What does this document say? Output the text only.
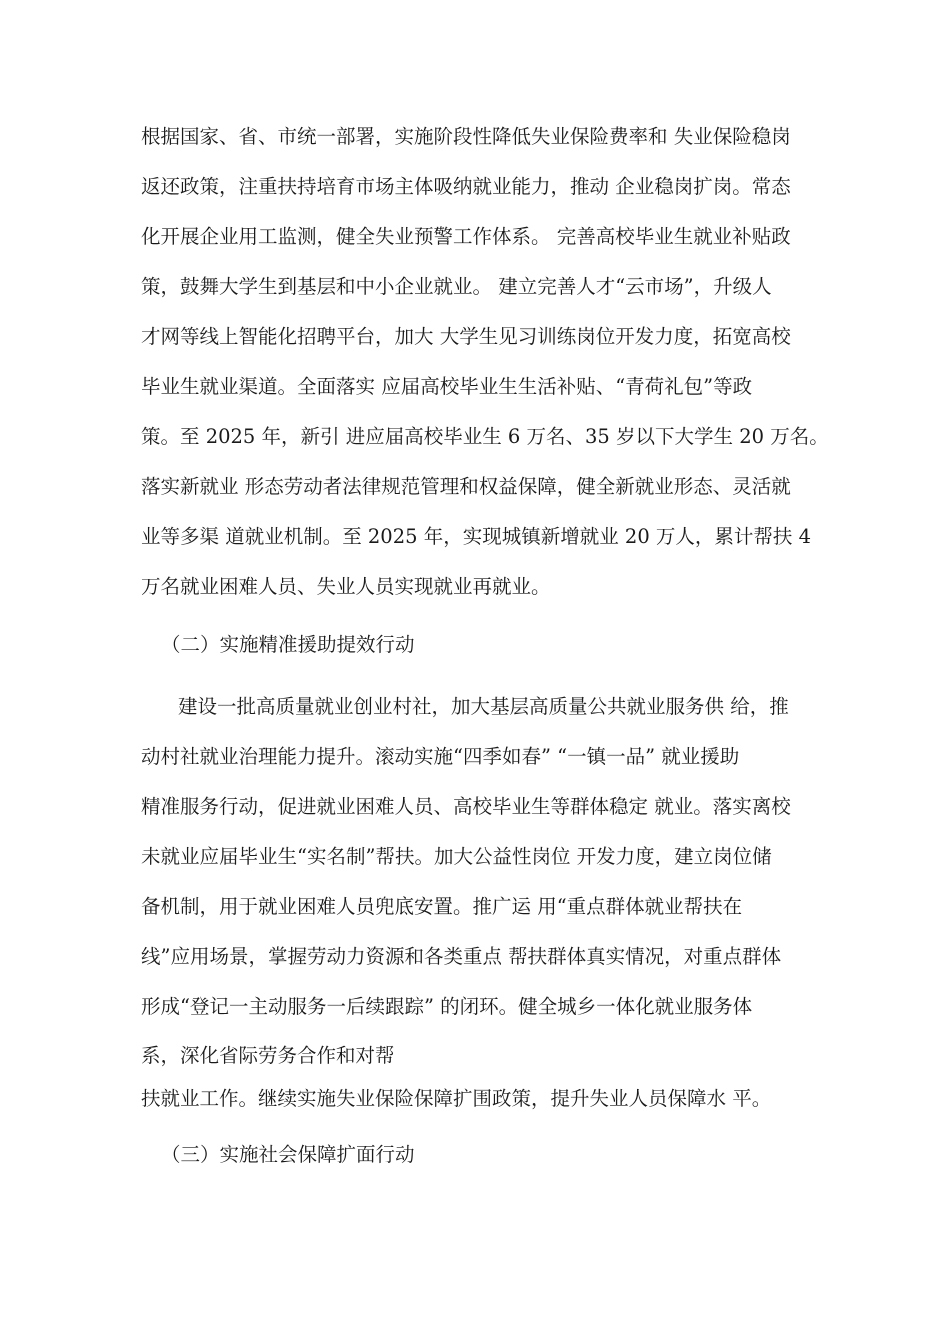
根据国家、省、市统一部署，实施阶段性降低失业保险费率和 失业保险稳岗
返还政策，注重扶持培育市场主体吸纳就业能力，推动 企业稳岗扩岗。常态
化开展企业用工监测，健全失业预警工作体系。 完善高校毕业生就业补贴政
策，鼓舞大学生到基层和中小企业就业。 建立完善人才“云市场”，升级人
才网等线上智能化招聘平台，加大 大学生见习训练岗位开发力度，拓宽高校
毕业生就业渠道。全面落实 应届高校毕业生生活补贴、“青荷礼包”等政
策。至 2025 年，新引 进应届高校毕业生 6 万名、35 岁以下大学生 20 万名。
落实新就业 形态劳动者法律规范管理和权益保障，健全新就业形态、灵活就
业等多渠 道就业机制。至 2025 年，实现城镇新增就业 20 万人，累计帮扶 4
万名就业困难人员、失业人员实现就业再就业。
（二）实施精准援助提效行动
建设一批高质量就业创业村社，加大基层高质量公共就业服务供 给，推
动村社就业治理能力提升。滚动实施“四季如春” “一镇一品” 就业援助
精准服务行动，促进就业困难人员、高校毕业生等群体稳定 就业。落实离校
未就业应届毕业生“实名制”帮扶。加大公益性岗位 开发力度，建立岗位储
备机制，用于就业困难人员兜底安置。推广运 用“重点群体就业帮扶在
线”应用场景，掌握劳动力资源和各类重点 帮扶群体真实情况，对重点群体
形成“登记一主动服务一后续跟踪” 的闭环。健全城乡一体化就业服务体
系，深化省际劳务合作和对帮
扶就业工作。继续实施失业保险保障扩围政策，提升失业人员保障水 平。
（三）实施社会保障扩面行动
